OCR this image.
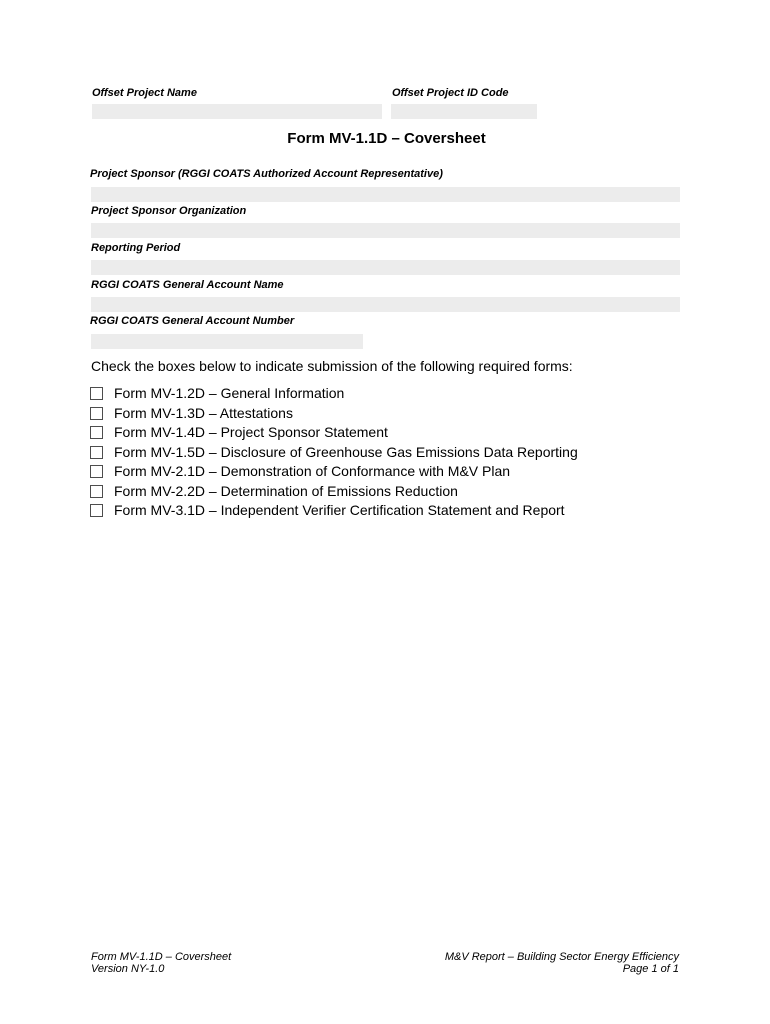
Offset Project Name	Offset Project ID Code
Form MV-1.1D – Coversheet
Project Sponsor (RGGI COATS Authorized Account Representative)
Project Sponsor Organization
Reporting Period
RGGI COATS General Account Name
RGGI COATS General Account Number
Check the boxes below to indicate submission of the following required forms:
Form MV-1.2D – General Information
Form MV-1.3D – Attestations
Form MV-1.4D – Project Sponsor Statement
Form MV-1.5D – Disclosure of Greenhouse Gas Emissions Data Reporting
Form MV-2.1D – Demonstration of Conformance with M&V Plan
Form MV-2.2D – Determination of Emissions Reduction
Form MV-3.1D – Independent Verifier Certification Statement and Report
Form MV-1.1D – Coversheet
Version NY-1.0
M&V Report – Building Sector Energy Efficiency
Page 1 of 1
